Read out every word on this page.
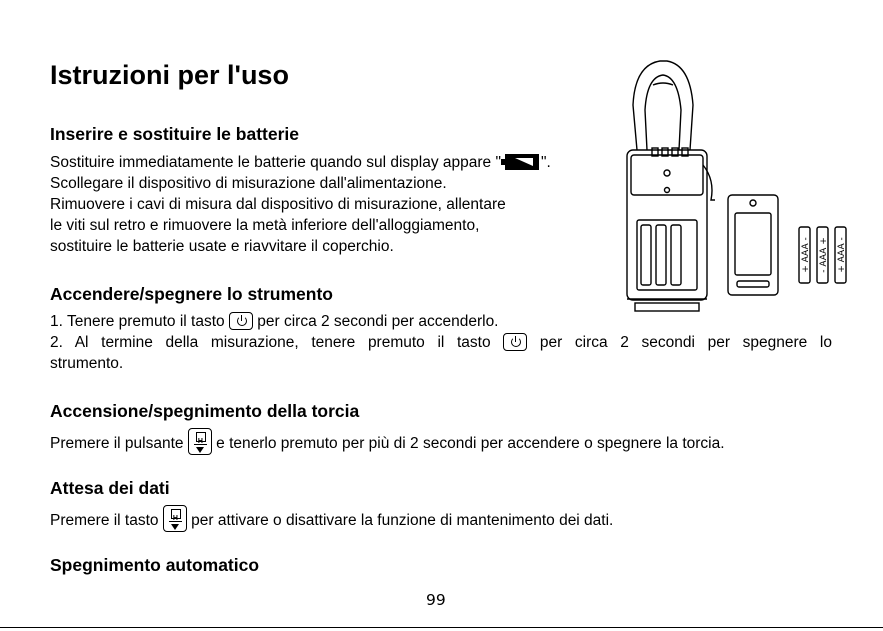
Istruzioni per l'uso
Inserire e sostituire le batterie

Sostituire immediatamente le batterie quando sul display appare "	".

Scollegare il dispositivo di misurazione dall'alimentazione.

Rimuovere i cavi di misura dal dispositivo di misurazione, allentare

le viti sul retro e rimuovere la metà inferiore dell'alloggiamento,

sostituire le batterie usate e riavvitare il coperchio.	+ AAA - - AAA + + AAA -
Accendere/spegnere lo strumento

1. Tenere premuto il tasto per circa 2 secondi per accenderlo.

2. Al termine della misurazione, tenere premuto il tasto	per circa 2 secondi per spegnere lo

strumento.

Accensione/spegnimento della torcia

Premere il pulsante H e tenerlo premuto per più di 2 secondi per accendere o spegnere la torcia.

Attesa dei dati

Premere il tasto H per attivare o disattivare la funzione di mantenimento dei dati.

Spegnimento automatico
99
